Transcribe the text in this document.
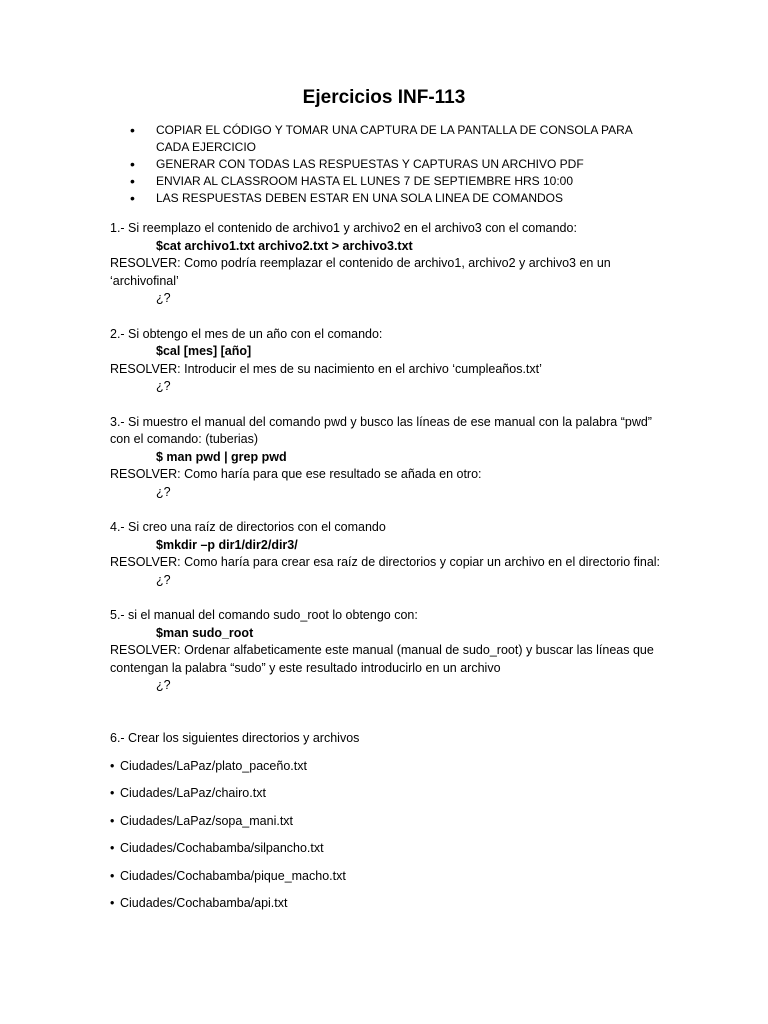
Ejercicios INF-113
• COPIAR EL CÓDIGO Y TOMAR UNA CAPTURA DE LA PANTALLA DE CONSOLA PARA CADA EJERCICIO
• GENERAR CON TODAS LAS RESPUESTAS Y CAPTURAS UN ARCHIVO PDF
• ENVIAR AL CLASSROOM HASTA EL LUNES 7 DE SEPTIEMBRE HRS 10:00
• LAS RESPUESTAS DEBEN ESTAR EN UNA SOLA LINEA DE COMANDOS
1.- Si reemplazo el contenido de archivo1 y archivo2 en el archivo3 con el comando:
$cat archivo1.txt archivo2.txt > archivo3.txt
RESOLVER: Como podría reemplazar el contenido de archivo1, archivo2 y archivo3 en un ‘archivofinal’
¿?
2.- Si obtengo el mes de un año con el comando:
$cal [mes] [año]
RESOLVER: Introducir el mes de su nacimiento en el archivo ‘cumpleaños.txt’
¿?
3.- Si muestro el manual del comando pwd y busco las líneas de ese manual con la palabra “pwd” con el comando: (tuberias)
$ man pwd | grep pwd
RESOLVER: Como haría para que ese resultado se añada en otro:
¿?
4.- Si creo una raíz de directorios con el comando
$mkdir –p dir1/dir2/dir3/
RESOLVER: Como haría para crear esa raíz de directorios y copiar un archivo en el directorio final:
¿?
5.- si el manual del comando sudo_root lo obtengo con:
$man sudo_root
RESOLVER: Ordenar alfabeticamente este manual (manual de sudo_root) y buscar las líneas que contengan la palabra “sudo” y este resultado introducirlo en un archivo
¿?
6.- Crear los siguientes directorios y archivos
• Ciudades/LaPaz/plato_paceño.txt
• Ciudades/LaPaz/chairo.txt
• Ciudades/LaPaz/sopa_mani.txt
• Ciudades/Cochabamba/silpancho.txt
• Ciudades/Cochabamba/pique_macho.txt
• Ciudades/Cochabamba/api.txt
